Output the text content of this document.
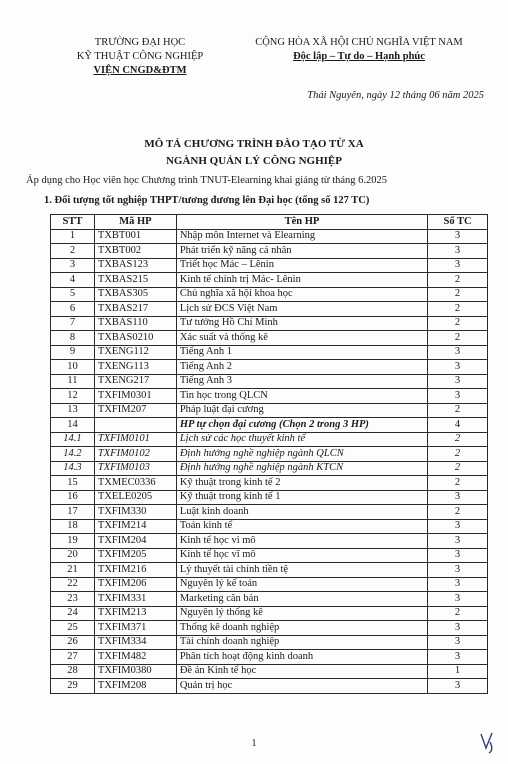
TRƯỜNG ĐẠI HỌC
KỸ THUẬT CÔNG NGHIỆP
VIỆN CNGD&ĐTM
CỘNG HÒA XÃ HỘI CHỦ NGHĨA VIỆT NAM
Độc lập – Tự do – Hạnh phúc
Thái Nguyên, ngày 12 tháng 06 năm 2025
MÔ TẢ CHƯƠNG TRÌNH ĐÀO TẠO TỪ XA
NGÀNH QUẢN LÝ CÔNG NGHIỆP
Áp dụng cho Học viên học Chương trình TNUT-Elearning khai giảng từ tháng 6.2025
1. Đối tượng tốt nghiệp THPT/tương đương lên Đại học (tổng số 127 TC)
STT	Mã HP	Tên HP	Số TC
1	TXBT001	Nhập môn Internet và Elearning	3
2	TXBT002	Phát triển kỹ năng cá nhân	3
3	TXBAS123	Triết học Mác – Lênin	3
4	TXBAS215	Kinh tế chính trị Mác- Lênin	2
5	TXBAS305	Chủ nghĩa xã hội khoa học	2
6	TXBAS217	Lịch sử ĐCS Việt Nam	2
7	TXBAS110	Tư tưởng Hồ Chí Minh	2
8	TXBAS0210	Xác suất và thống kê	2
9	TXENG112	Tiếng Anh 1	3
10	TXENG113	Tiếng Anh 2	3
11	TXENG217	Tiếng Anh 3	3
12	TXFIM0301	Tin học trong QLCN	3
13	TXFIM207	Pháp luật đại cương	2
14		HP tự chọn đại cương (Chọn 2 trong 3 HP)	4
14.1	TXFIM0101	Lịch sử các học thuyết kinh tế	2
14.2	TXFIM0102	Định hướng nghề nghiệp ngành QLCN	2
14.3	TXFIM0103	Định hướng nghề nghiệp ngành KTCN	2
15	TXMEC0336	Kỹ thuật trong kinh tế 2	2
16	TXELE0205	Kỹ thuật trong kinh tế 1	3
17	TXFIM330	Luật kinh doanh	2
18	TXFIM214	Toán kinh tế	3
19	TXFIM204	Kinh tế học vi mô	3
20	TXFIM205	Kinh tế học vĩ mô	3
21	TXFIM216	Lý thuyết tài chính tiền tệ	3
22	TXFIM206	Nguyên lý kế toán	3
23	TXFIM331	Marketing căn bản	3
24	TXFIM213	Nguyên lý thống kê	2
25	TXFIM371	Thống kê doanh nghiệp	3
26	TXFIM334	Tài chính doanh nghiệp	3
27	TXFIM482	Phân tích hoạt động kinh doanh	3
28	TXFIM0380	Đề án Kinh tế học	1
29	TXFIM208	Quản trị học	3
1
